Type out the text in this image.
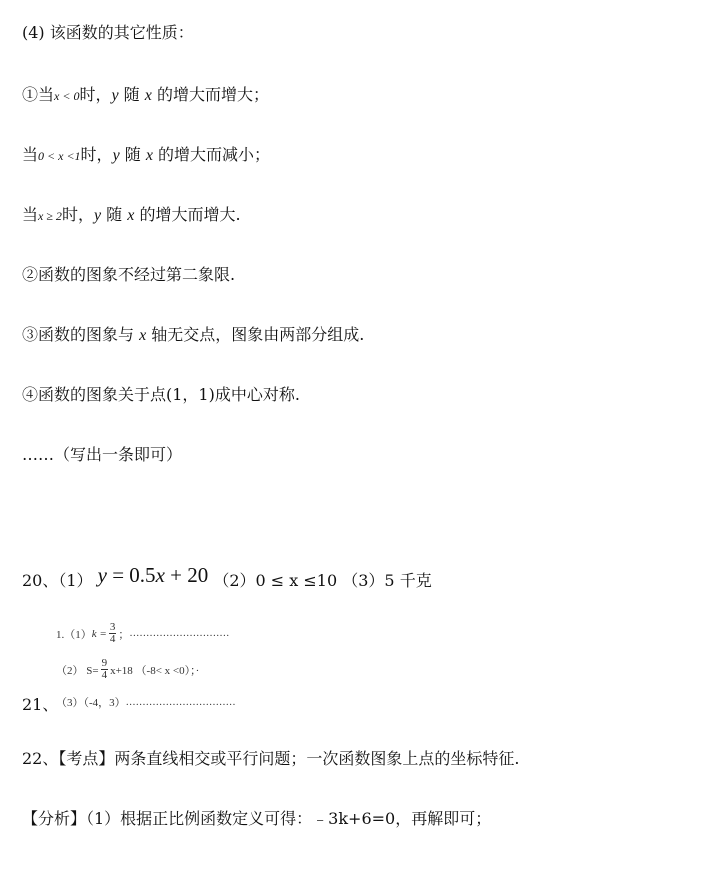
(4) 该函数的其它性质：
①当x < 0时，y 随 x 的增大而增大；
当0 < x <1时，y 随 x 的增大而减小；
当x ≥ 2时，y 随 x 的增大而增大.
②函数的图象不经过第二象限.
③函数的图象与 x 轴无交点，图象由两部分组成.
④函数的图象关于点(1，1)成中心对称.
……（写出一条即可）
20、（1） y = 0.5x + 20 （2）0 ≤ x ≤10 （3）5 千克
1.（1） $k = \frac{3}{4}$ ； …………………………
（2） $S= \frac{9}{4} x+18$ （-8< x <0）；·
（3）（-4，3） ……………………………
21、
22、【考点】两条直线相交或平行问题；一次函数图象上点的坐标特征.
【分析】（1）根据正比例函数定义可得：﹣3k+6=0，再解即可；
